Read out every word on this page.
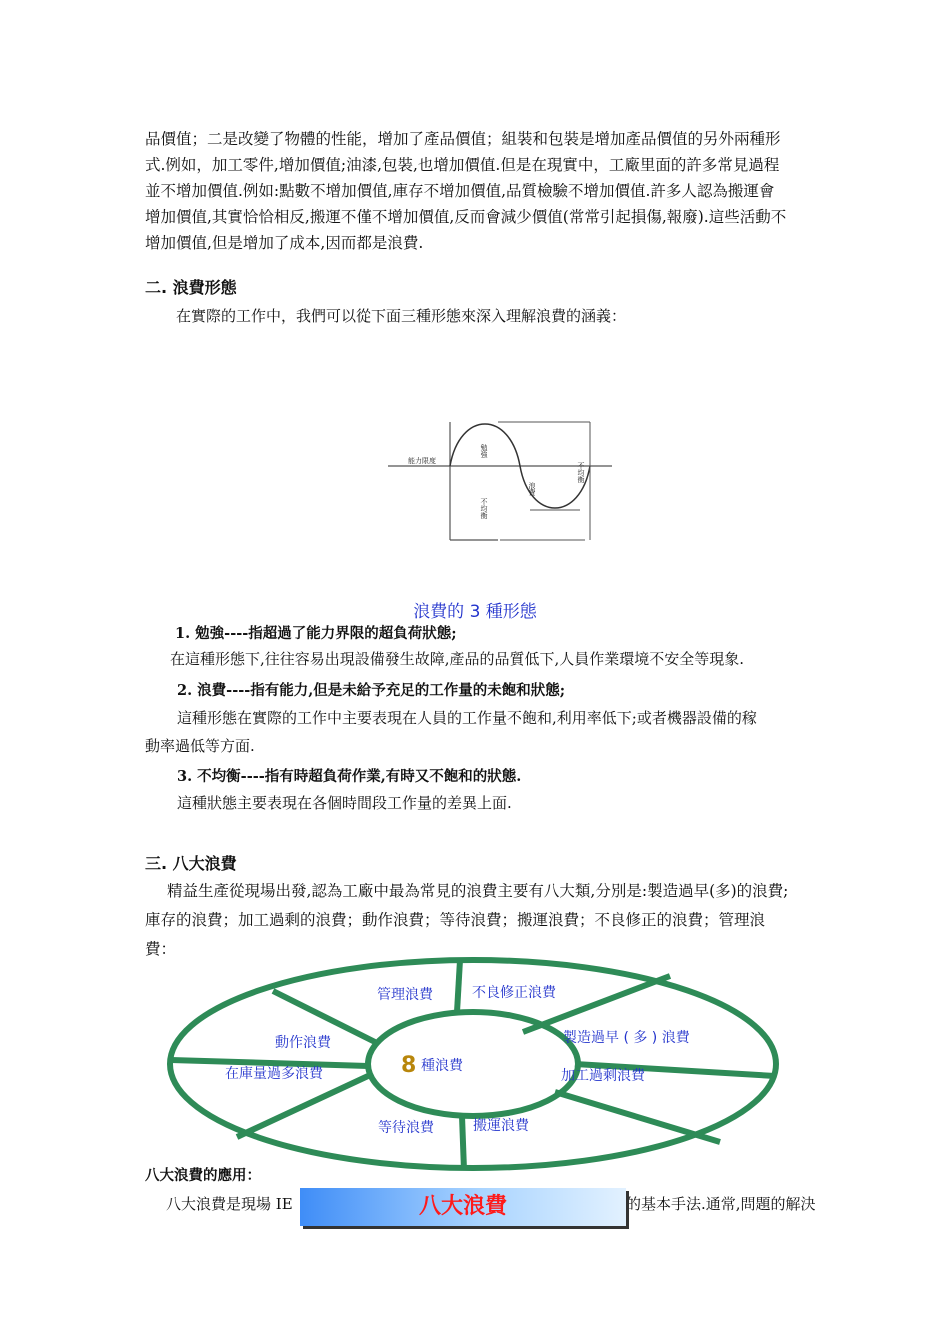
品價值；二是改變了物體的性能，增加了產品價值；組裝和包裝是增加產品價值的另外兩種形
式.例如，加工零件,增加價值;油漆,包裝,也增加價值.但是在現實中，工廠里面的許多常見過程
並不增加價值.例如:點數不增加價值,庫存不增加價值,品質檢驗不增加價值.許多人認為搬運會
增加價值,其實恰恰相反,搬運不僅不增加價值,反而會減少價值(常常引起損傷,報廢).這些活動不
增加價值,但是增加了成本,因而都是浪費.
二. 浪費形態
在實際的工作中，我們可以從下面三種形態來深入理解浪費的涵義：
能力限度
勉強
浪費
不均衡
不均衡
浪費的 3 種形態
1. 勉強----指超過了能力界限的超負荷狀態;
在這種形態下,往往容易出現設備發生故障,產品的品質低下,人員作業環境不安全等現象.
2. 浪費----指有能力,但是未給予充足的工作量的未飽和狀態;
這種形態在實際的工作中主要表現在人員的工作量不飽和,利用率低下;或者機器設備的稼
動率過低等方面.
3. 不均衡----指有時超負荷作業,有時又不飽和的狀態.
這種狀態主要表現在各個時間段工作量的差異上面.
三. 八大浪費
精益生產從現場出發,認為工廠中最為常見的浪費主要有八大類,分別是:製造過早(多)的浪費;
庫存的浪費；加工過剩的浪費；動作浪費；等待浪費；搬運浪費；不良修正的浪費；管理浪
費：
管理浪費	不良修正浪費
製造過早 ( 多 ) 浪費
動作浪費
在庫量過多浪費	加工過剩浪費
等待浪費	搬運浪費
8 種浪費
八大浪費的應用：
八大浪費是現場 IE	的基本手法.通常,問題的解決
八大浪費
